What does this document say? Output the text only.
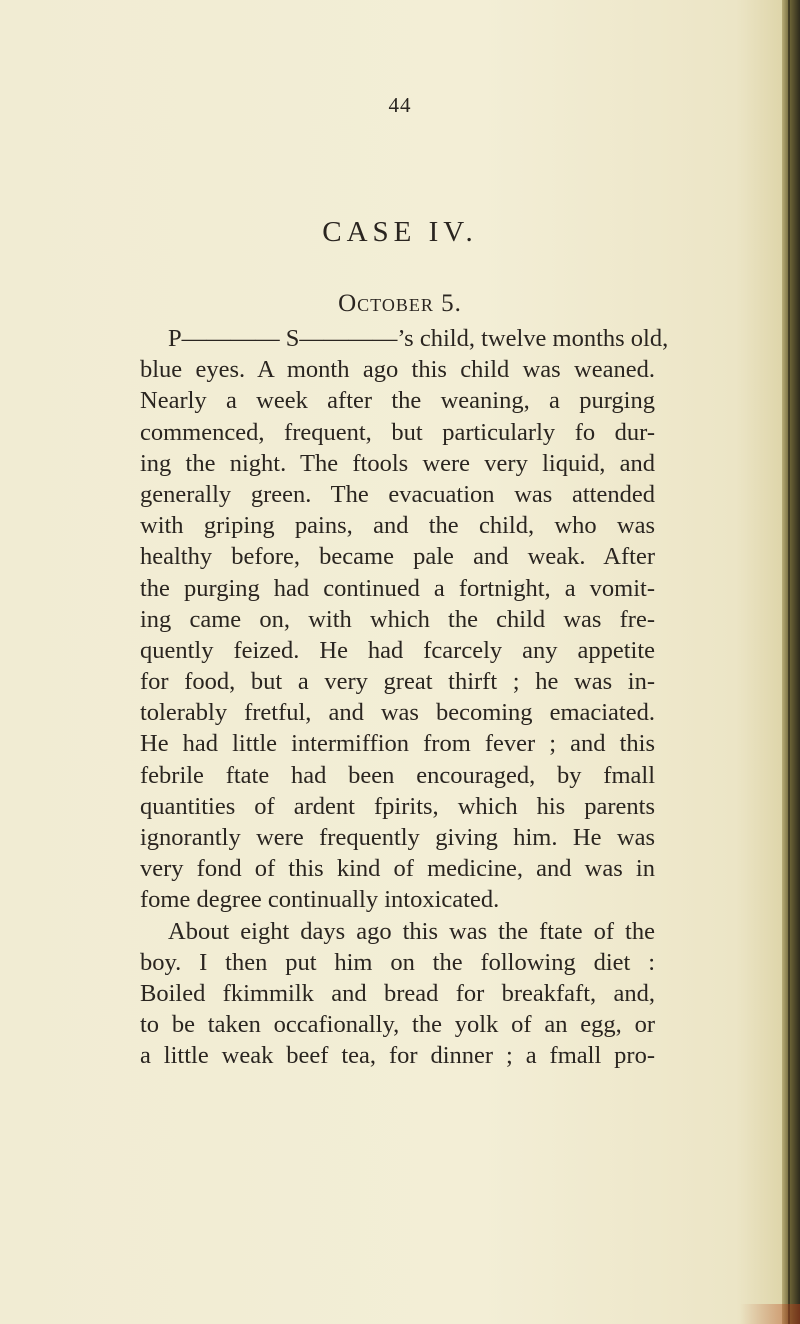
44
CASE IV.
October 5.
P———— S————’s child, twelve months old,
blue eyes. A month ago this child was weaned.
Nearly a week after the weaning, a purging
commenced, frequent, but particularly fo dur-
ing the night. The ftools were very liquid, and
generally green. The evacuation was attended
with griping pains, and the child, who was
healthy before, became pale and weak. After
the purging had continued a fortnight, a vomit-
ing came on, with which the child was fre-
quently feized. He had fcarcely any appetite
for food, but a very great thirft ; he was in-
tolerably fretful, and was becoming emaciated.
He had little intermiffion from fever ; and this
febrile ftate had been encouraged, by fmall
quantities of ardent fpirits, which his parents
ignorantly were frequently giving him. He was
very fond of this kind of medicine, and was in
fome degree continually intoxicated.
About eight days ago this was the ftate of the
boy. I then put him on the following diet :
Boiled fkimmilk and bread for breakfaft, and,
to be taken occafionally, the yolk of an egg, or
a little weak beef tea, for dinner ; a fmall pro-
